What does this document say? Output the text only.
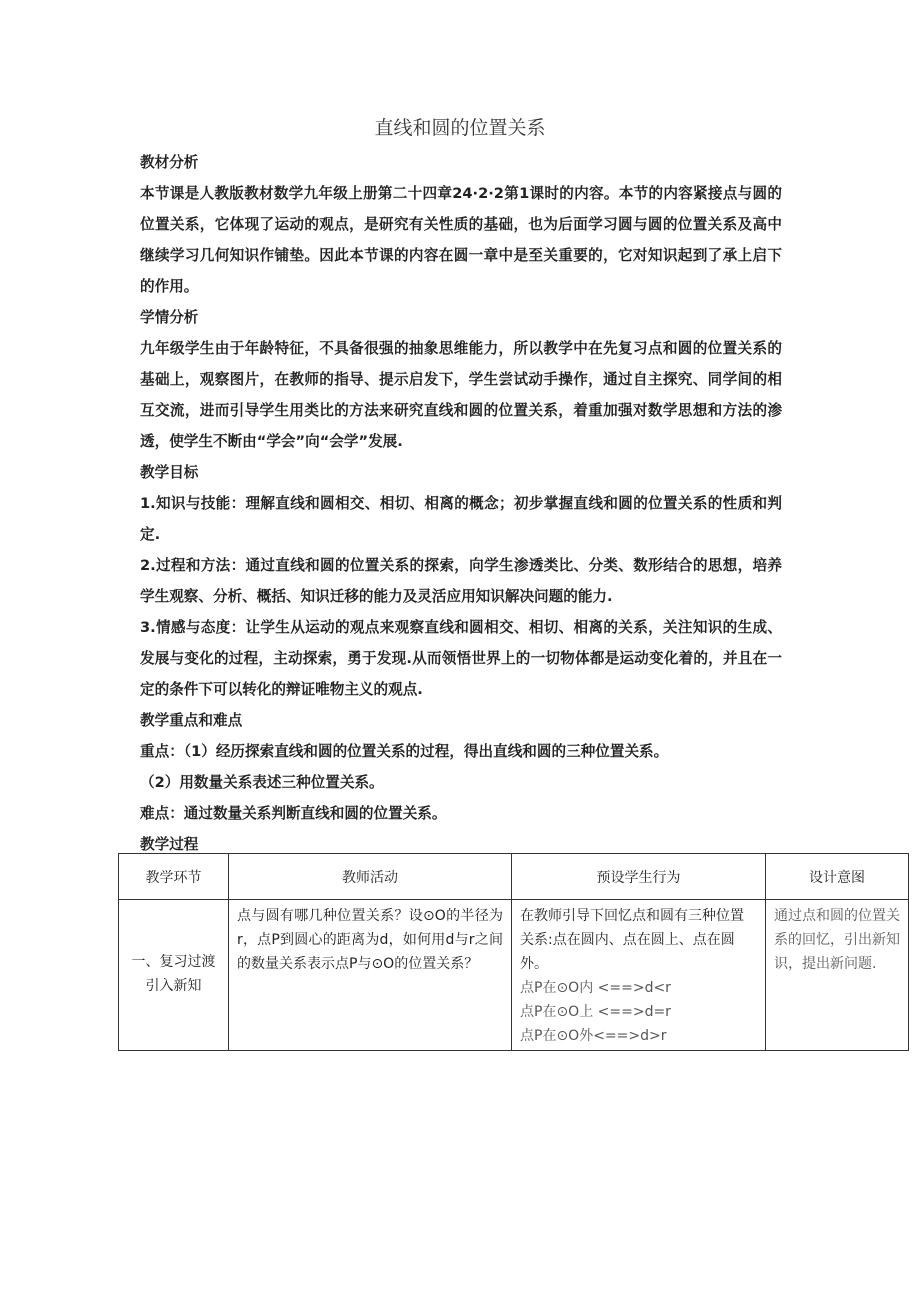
直线和圆的位置关系

教材分析

本节课是人教版教材数学九年级上册第二十四章24·2·2第1课时的内容。本节的内容紧接点与圆的位置关系，它体现了运动的观点，是研究有关性质的基础，也为后面学习圆与圆的位置关系及高中继续学习几何知识作铺垫。因此本节课的内容在圆一章中是至关重要的，它对知识起到了承上启下的作用。

学情分析

九年级学生由于年龄特征，不具备很强的抽象思维能力，所以教学中在先复习点和圆的位置关系的基础上，观察图片，在教师的指导、提示启发下，学生尝试动手操作，通过自主探究、同学间的相互交流，进而引导学生用类比的方法来研究直线和圆的位置关系，着重加强对数学思想和方法的渗透，使学生不断由“学会”向“会学”发展.

教学目标

1.知识与技能：理解直线和圆相交、相切、相离的概念；初步掌握直线和圆的位置关系的性质和判定.

2.过程和方法：通过直线和圆的位置关系的探索，向学生渗透类比、分类、数形结合的思想，培养学生观察、分析、概括、知识迁移的能力及灵活应用知识解决问题的能力.

3.情感与态度：让学生从运动的观点来观察直线和圆相交、相切、相离的关系，关注知识的生成、发展与变化的过程，主动探索，勇于发现.从而领悟世界上的一切物体都是运动变化着的，并且在一定的条件下可以转化的辩证唯物主义的观点.

教学重点和难点

重点：（1）经历探索直线和圆的位置关系的过程，得出直线和圆的三种位置关系。

（2）用数量关系表述三种位置关系。

难点：通过数量关系判断直线和圆的位置关系。

教学过程

教学环节	教师活动	预设学生行为	设计意图

一、复习过渡
引入新知	点与圆有哪几种位置关系？设⊙O的半径为r，点P到圆心的距离为d，如何用d与r之间的数量关系表示点P与⊙O的位置关系？	在教师引导下回忆点和圆有三种位置关系:点在圆内、点在圆上、点在圆外。
点P在⊙O内 <==>d<r
点P在⊙O上 <==>d=r
点P在⊙O外<==>d>r	通过点和圆的位置关系的回忆，引出新知识，提出新问题.
